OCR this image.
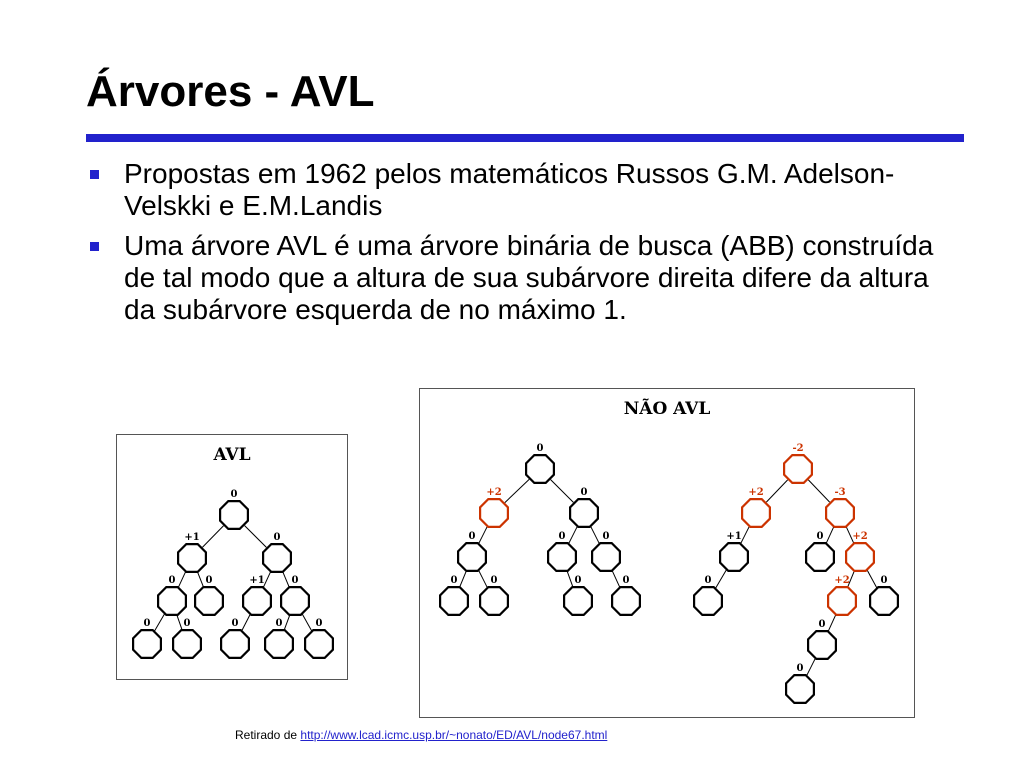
Árvores - AVL
Propostas em 1962 pelos matemáticos Russos G.M. Adelson-Velskki e E.M.Landis
Uma árvore AVL é uma árvore binária de busca (ABB) construída de tal modo que a altura de sua subárvore direita difere da altura da subárvore esquerda de no máximo 1.
AVL
0
+1	0
0	0	+1	0
0	0	0	0	0
NÃO AVL
0
+2	0
0	0	0
0	0	0	0
-2
+2	-3
+1	0	+2
+2
0	0
0
0
Retirado de http://www.lcad.icmc.usp.br/~nonato/ED/AVL/node67.html
